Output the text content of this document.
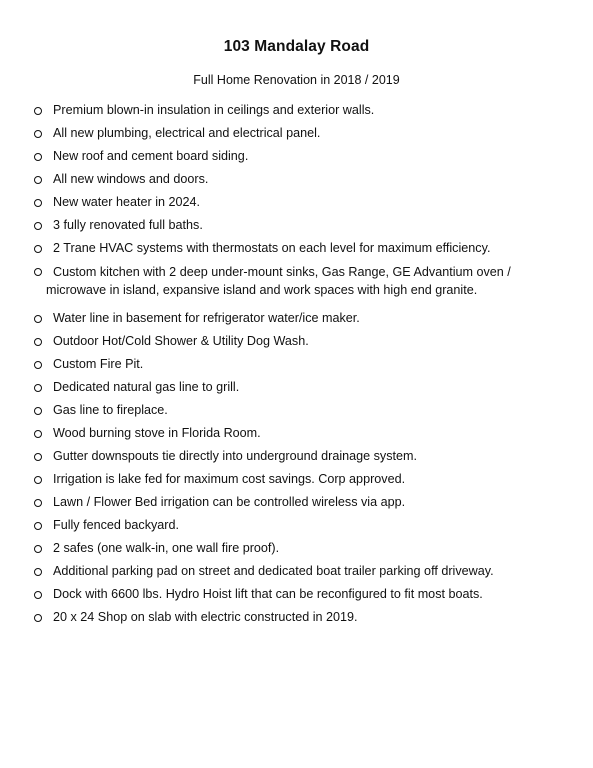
103 Mandalay Road
Full Home Renovation in 2018 / 2019
Premium blown-in insulation in ceilings and exterior walls.
All new plumbing, electrical and electrical panel.
New roof and cement board siding.
All new windows and doors.
New water heater in 2024.
3 fully renovated full baths.
2 Trane HVAC systems with thermostats on each level for maximum efficiency.
Custom kitchen with 2 deep under-mount sinks, Gas Range, GE Advantium oven /
microwave in island, expansive island and work spaces with high end granite.
Water line in basement for refrigerator water/ice maker.
Outdoor Hot/Cold Shower & Utility Dog Wash.
Custom Fire Pit.
Dedicated natural gas line to grill.
Gas line to fireplace.
Wood burning stove in Florida Room.
Gutter downspouts tie directly into underground drainage system.
Irrigation is lake fed for maximum cost savings. Corp approved.
Lawn / Flower Bed irrigation can be controlled wireless via app.
Fully fenced backyard.
2 safes (one walk-in, one wall fire proof).
Additional parking pad on street and dedicated boat trailer parking off driveway.
Dock with 6600 lbs. Hydro Hoist lift that can be reconfigured to fit most boats.
20 x 24 Shop on slab with electric constructed in 2019.
